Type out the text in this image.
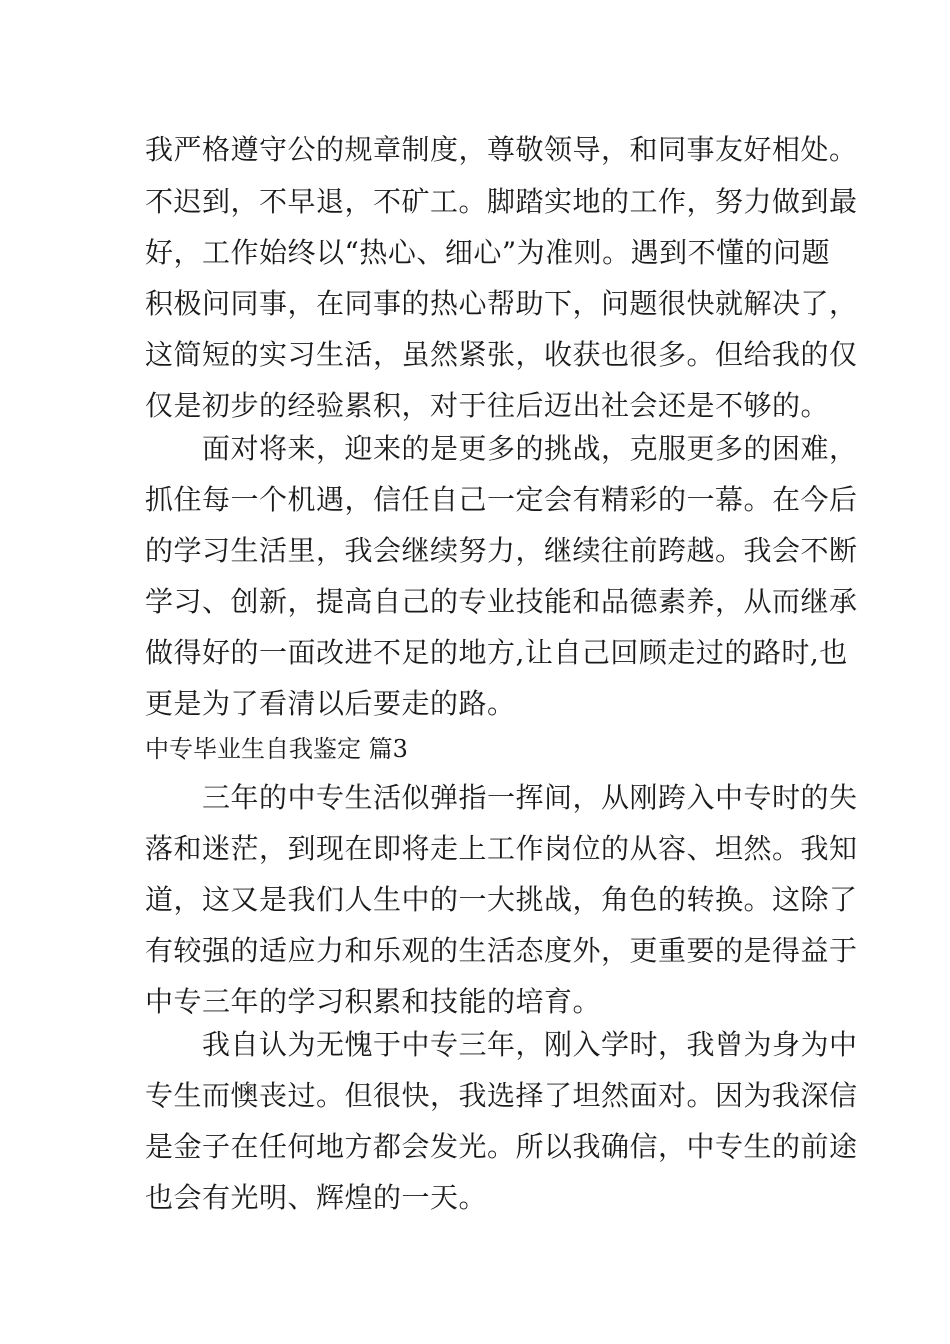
我严格遵守公的规章制度，尊敬领导，和同事友好相处。
不迟到，不早退，不矿工。脚踏实地的工作，努力做到最
好，工作始终以“热心、细心”为准则。遇到不懂的问题
积极问同事，在同事的热心帮助下，问题很快就解决了，
这简短的实习生活，虽然紧张，收获也很多。但给我的仅
仅是初步的经验累积，对于往后迈出社会还是不够的。
　　面对将来，迎来的是更多的挑战，克服更多的困难，
抓住每一个机遇，信任自己一定会有精彩的一幕。在今后
的学习生活里，我会继续努力，继续往前跨越。我会不断
学习、创新，提高自己的专业技能和品德素养，从而继承
做得好的一面改进不足的地方,让自己回顾走过的路时,也
更是为了看清以后要走的路。
中专毕业生自我鉴定 篇3
　　三年的中专生活似弹指一挥间，从刚跨入中专时的失
落和迷茫，到现在即将走上工作岗位的从容、坦然。我知
道，这又是我们人生中的一大挑战，角色的转换。这除了
有较强的适应力和乐观的生活态度外，更重要的是得益于
中专三年的学习积累和技能的培育。
　　我自认为无愧于中专三年，刚入学时，我曾为身为中
专生而懊丧过。但很快，我选择了坦然面对。因为我深信
是金子在任何地方都会发光。所以我确信，中专生的前途
也会有光明、辉煌的一天。
